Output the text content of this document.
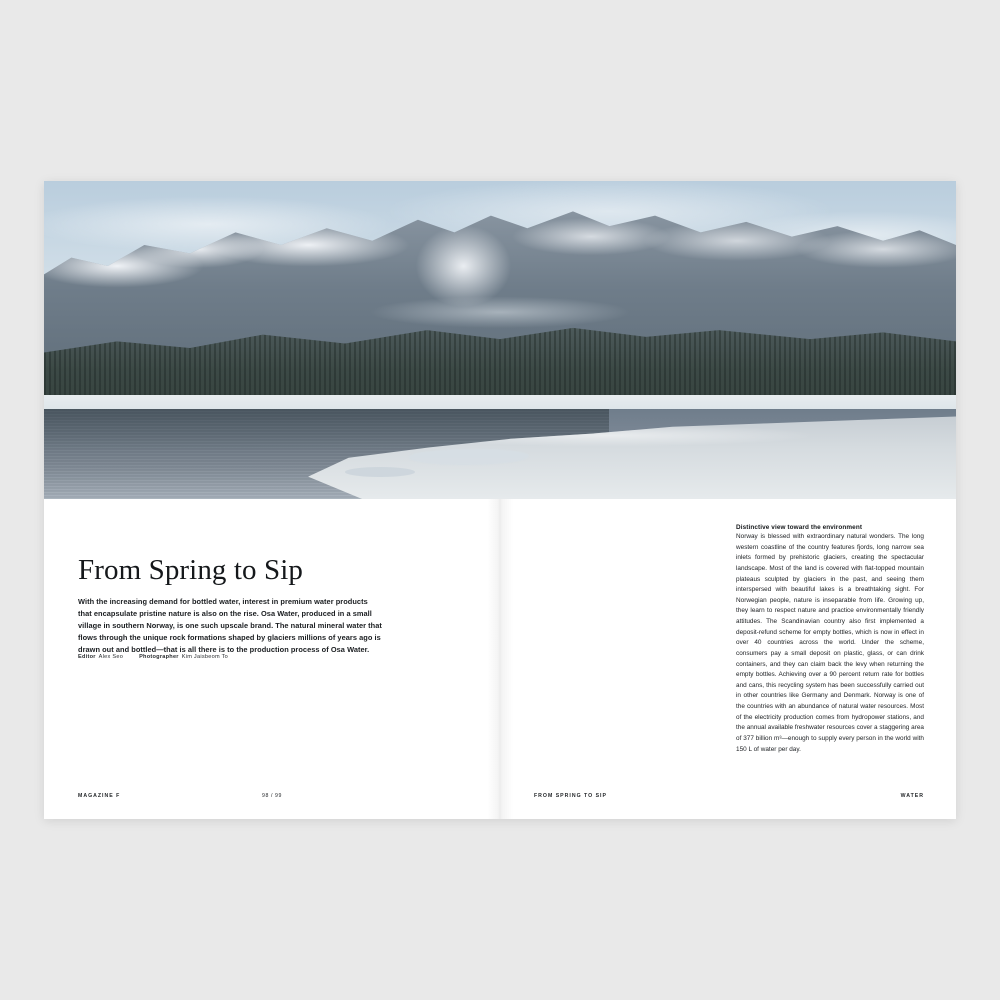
From Spring to Sip

With the increasing demand for bottled water, interest in premium water products that encapsulate pristine nature is also on the rise. Osa Water, produced in a small village in southern Norway, is one such upscale brand. The natural mineral water that flows through the unique rock formations shaped by glaciers millions of years ago is drawn out and bottled—that is all there is to the production process of Osa Water.

Editor Alex Seo	Photographer Kim Jaisbeom To
MAGAZINE F	98 / 99
Distinctive view toward the environment

Norway is blessed with extraordinary natural wonders. The long western coastline of the country features fjords, long narrow sea inlets formed by prehistoric glaciers, creating the spectacular landscape. Most of the land is covered with flat-topped mountain plateaus sculpted by glaciers in the past, and seeing them interspersed with beautiful lakes is a breathtaking sight. For Norwegian people, nature is inseparable from life. Growing up, they learn to respect nature and practice environmentally friendly attitudes. The Scandinavian country also first implemented a deposit-refund scheme for empty bottles, which is now in effect in over 40 countries across the world. Under the scheme, consumers pay a small deposit on plastic, glass, or can drink containers, and they can claim back the levy when returning the empty bottles. Achieving over a 90 percent return rate for bottles and cans, this recycling system has been successfully carried out in other countries like Germany and Denmark. Norway is one of the countries with an abundance of natural water resources. Most of the electricity production comes from hydropower stations, and the annual available freshwater resources cover a staggering area of 377 billion m³—enough to supply every person in the world with 150 L of water per day.

FROM SPRING TO SIP	WATER
